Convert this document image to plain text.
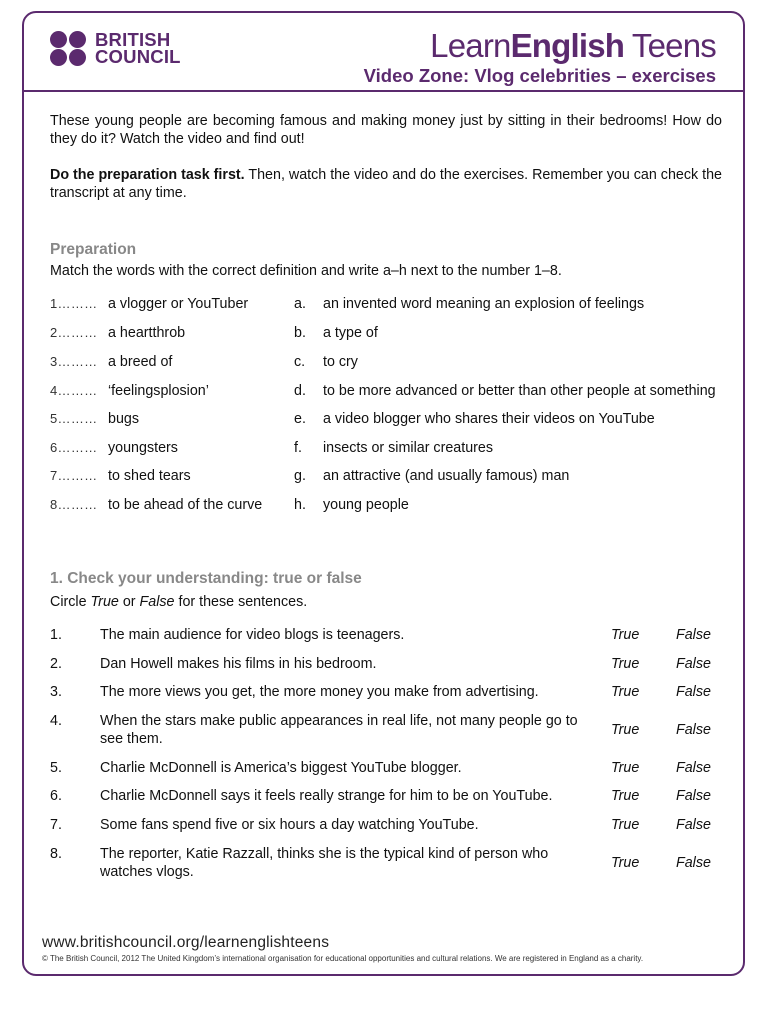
BRITISH
COUNCIL	LearnEnglish Teens
Video Zone: Vlog celebrities – exercises
These young people are becoming famous and making money just by sitting in their bedrooms! How do they do it? Watch the video and find out!
Do the preparation task first. Then, watch the video and do the exercises. Remember you can check the transcript at any time.
Preparation
Match the words with the correct definition and write a–h next to the number 1–8.
1……… a vlogger or YouTuber	a. an invented word meaning an explosion of feelings
2……… a heartthrob	b. a type of
3……… a breed of	c. to cry
4……… ‘feelingsplosion’	d. to be more advanced or better than other people at something
5……… bugs	e. a video blogger who shares their videos on YouTube
6……… youngsters	f. insects or similar creatures
7……… to shed tears	g. an attractive (and usually famous) man
8……… to be ahead of the curve h. young people
1. Check your understanding: true or false
Circle True or False for these sentences.
1.	The main audience for video blogs is teenagers.	True	False
2.	Dan Howell makes his films in his bedroom.	True	False
3.	The more views you get, the more money you make from advertising.	True	False
4.	When the stars make public appearances in real life, not many people go to see them.
True	False
5.	Charlie McDonnell is America’s biggest YouTube blogger.	True	False
6.	Charlie McDonnell says it feels really strange for him to be on YouTube.	True	False
7.	Some fans spend five or six hours a day watching YouTube.	True	False
8.	The reporter, Katie Razzall, thinks she is the typical kind of person who watches vlogs.
True	False
www.britishcouncil.org/learnenglishteens
© The British Council, 2012 The United Kingdom’s international organisation for educational opportunities and cultural relations. We are registered in England as a charity.
